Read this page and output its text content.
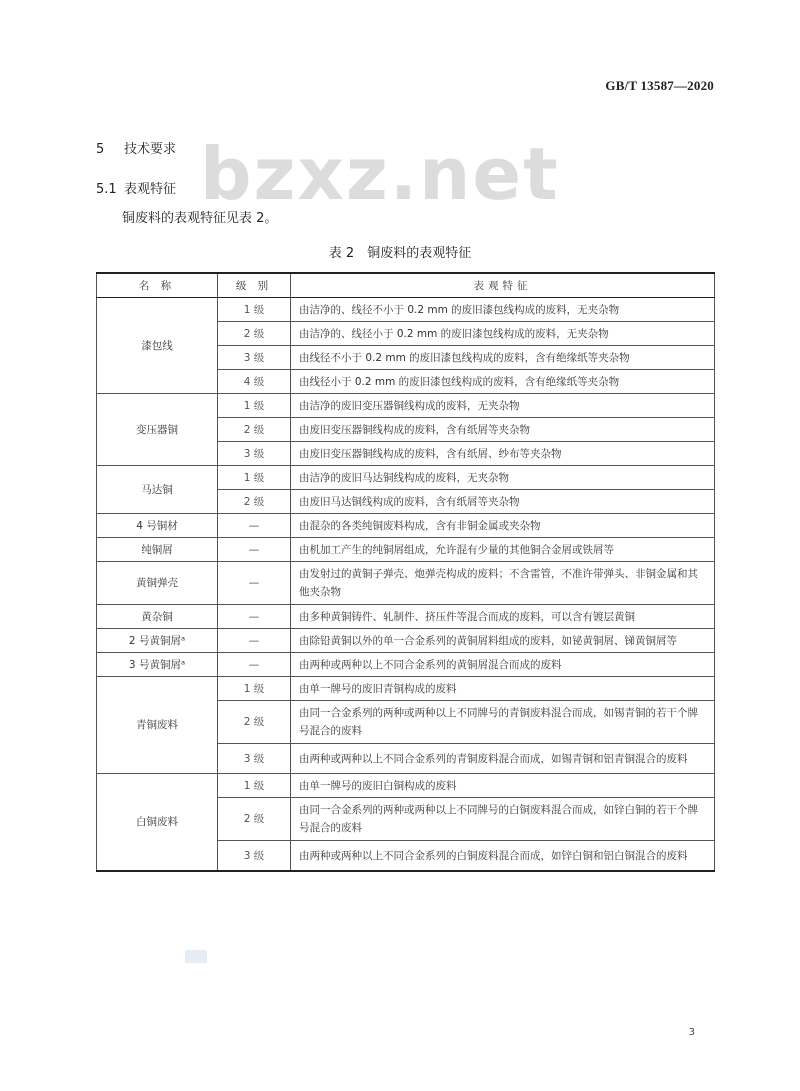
GB/T 13587—2020
bzxz.net
5 技术要求
5.1 表观特征
铜废料的表观特征见表 2。
表 2　铜废料的表观特征
名 称	级 别	表观特征
漆包线	1 级	由洁净的、线径不小于 0.2 mm 的废旧漆包线构成的废料，无夹杂物
	2 级	由洁净的、线径小于 0.2 mm 的废旧漆包线构成的废料，无夹杂物
	3 级	由线径不小于 0.2 mm 的废旧漆包线构成的废料，含有绝缘纸等夹杂物
	4 级	由线径小于 0.2 mm 的废旧漆包线构成的废料，含有绝缘纸等夹杂物
变压器铜	1 级	由洁净的废旧变压器铜线构成的废料，无夹杂物
	2 级	由废旧变压器铜线构成的废料，含有纸屑等夹杂物
	3 级	由废旧变压器铜线构成的废料，含有纸屑、纱布等夹杂物
马达铜	1 级	由洁净的废旧马达铜线构成的废料，无夹杂物
	2 级	由废旧马达铜线构成的废料，含有纸屑等夹杂物
4 号铜材	—	由混杂的各类纯铜废料构成，含有非铜金属或夹杂物
纯铜屑	—	由机加工产生的纯铜屑组成，允许混有少量的其他铜合金屑或铁屑等
黄铜弹壳	—	由发射过的黄铜子弹壳、炮弹壳构成的废料；不含雷管，不准许带弹头、非铜金属和其他夹杂物
黄杂铜	—	由多种黄铜铸件、轧制件、挤压件等混合而成的废料，可以含有镀层黄铜
2 号黄铜屑ᵃ	—	由除铅黄铜以外的单一合金系列的黄铜屑料组成的废料，如铋黄铜屑、锑黄铜屑等
3 号黄铜屑ᵃ	—	由两种或两种以上不同合金系列的黄铜屑混合而成的废料
青铜废料	1 级	由单一牌号的废旧青铜构成的废料
	2 级	由同一合金系列的两种或两种以上不同牌号的青铜废料混合而成，如锡青铜的若干个牌号混合的废料
	3 级	由两种或两种以上不同合金系列的青铜废料混合而成，如锡青铜和铝青铜混合的废料
白铜废料	1 级	由单一牌号的废旧白铜构成的废料
	2 级	由同一合金系列的两种或两种以上不同牌号的白铜废料混合而成，如锌白铜的若干个牌号混合的废料
	3 级	由两种或两种以上不同合金系列的白铜废料混合而成，如锌白铜和铝白铜混合的废料
3
